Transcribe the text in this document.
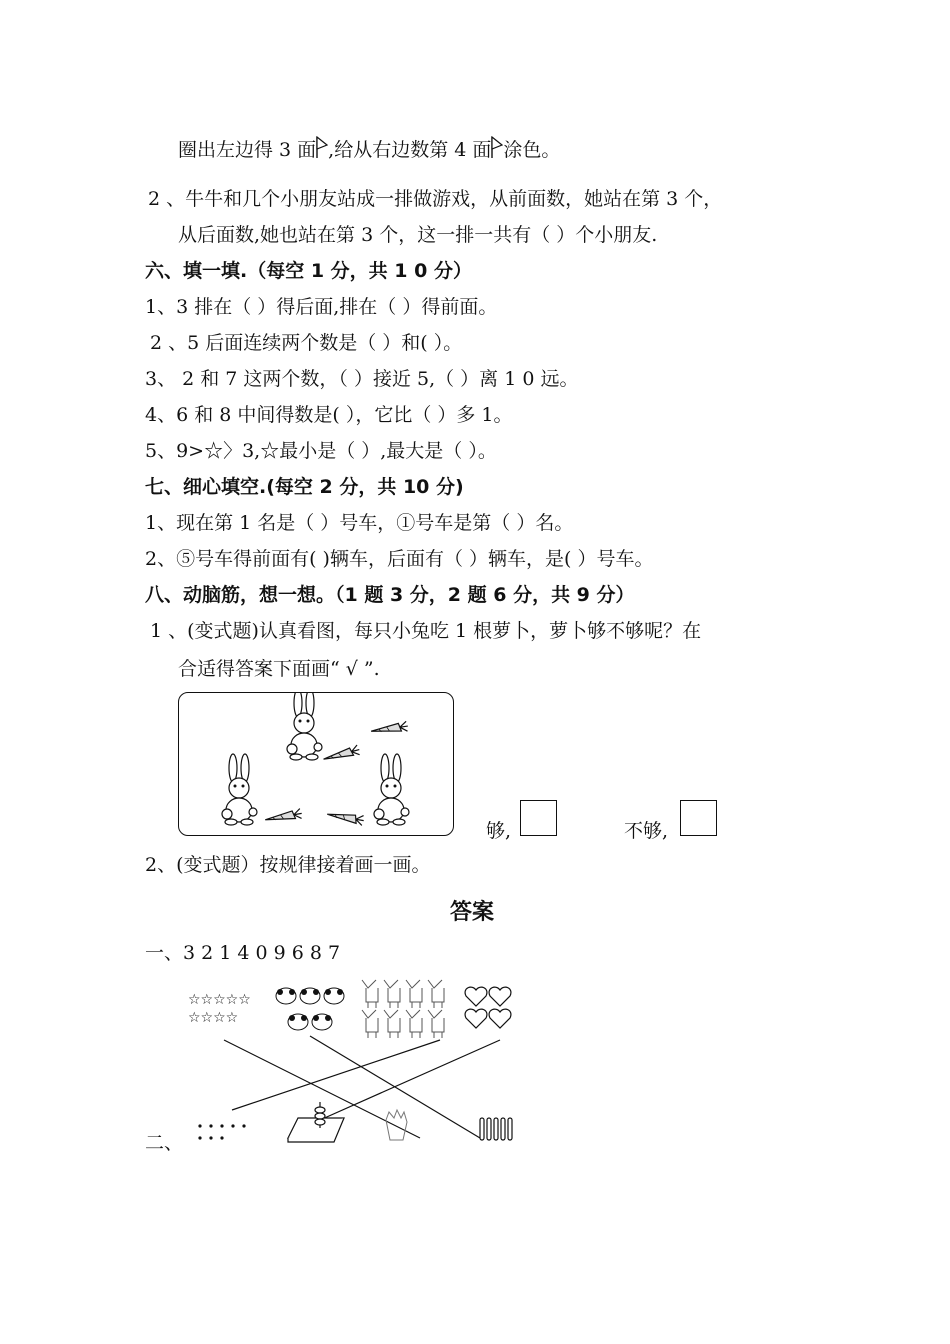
圈出左边得 3 面 ,给从右边数第 4 面 涂色。
2 、牛牛和几个小朋友站成一排做游戏，从前面数，她站在第 3 个，
从后面数,她也站在第 3 个，这一排一共有（ ）个小朋友.
六、填一填.（每空 1 分，共 1 0 分）
1、3 排在（ ）得后面,排在（ ）得前面。
2 、5 后面连续两个数是（ ）和( ）。
3、 2 和 7 这两个数，（ ）接近 5,（ ）离 1 0 远。
4、6 和 8 中间得数是( ），它比（ ）多 1。
5、9>☆〉3,☆最小是（ ）,最大是（ ）。
七、细心填空.(每空 2 分，共 10 分)
1、现在第 1 名是（ ）号车，①号车是第（ ）名。
2、⑤号车得前面有( )辆车，后面有（ ）辆车，是( ）号车。
八、动脑筋，想一想。（1 题 3 分，2 题 6 分，共 9 分）
1 、(变式题)认真看图，每只小兔吃 1 根萝卜，萝卜够不够呢？在
合适得答案下面画“ √ ”.
够,	不够,
2、(变式题）按规律接着画一画。
答案
一、3 2 1 4 0 9 6 8 7
二、
☆☆☆☆☆
☆☆☆☆
